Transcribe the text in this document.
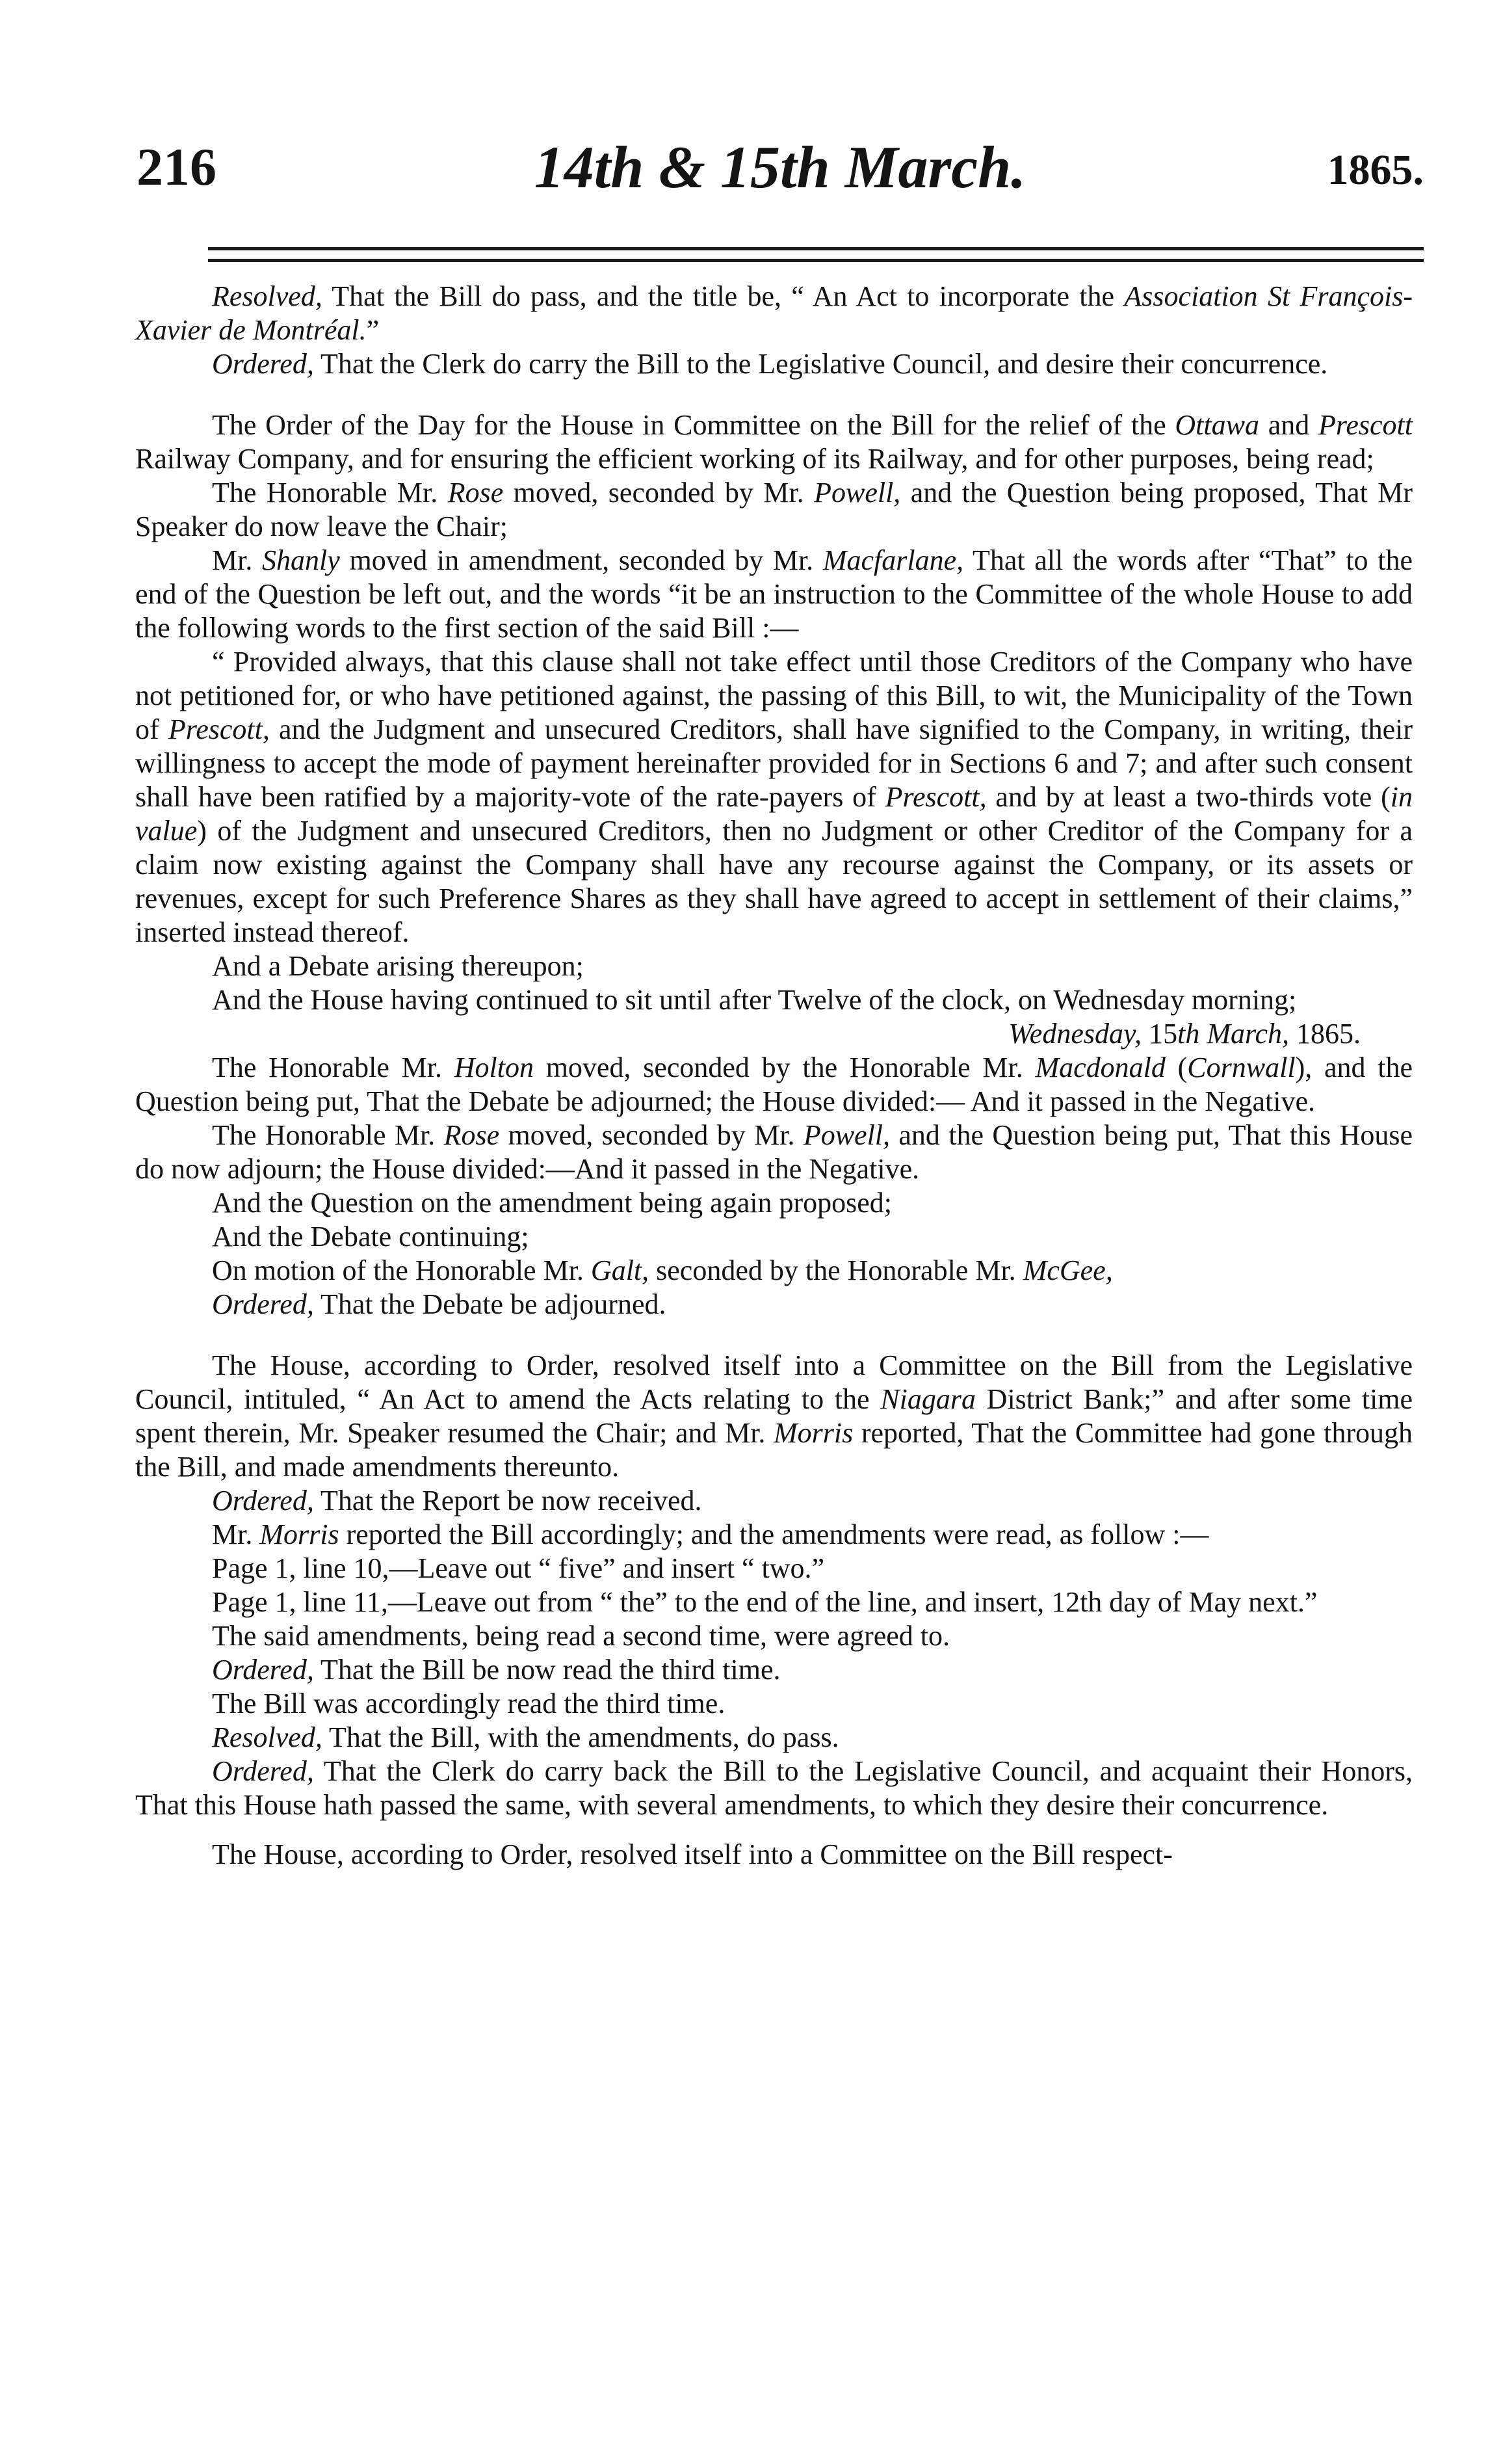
216	14th & 15th March.	1865.

Resolved, That the Bill do pass, and the title be, “ An Act to incorporate the Association St François-Xavier de Montréal.”

Ordered, That the Clerk do carry the Bill to the Legislative Council, and desire their concurrence.

The Order of the Day for the House in Committee on the Bill for the relief of the Ottawa and Prescott Railway Company, and for ensuring the efficient working of its Railway, and for other purposes, being read;

The Honorable Mr. Rose moved, seconded by Mr. Powell, and the Question being proposed, That Mr Speaker do now leave the Chair;

Mr. Shanly moved in amendment, seconded by Mr. Macfarlane, That all the words after “That” to the end of the Question be left out, and the words “it be an instruction to the Committee of the whole House to add the following words to the first section of the said Bill :—

“ Provided always, that this clause shall not take effect until those Creditors of the Company who have not petitioned for, or who have petitioned against, the passing of this Bill, to wit, the Municipality of the Town of Prescott, and the Judgment and unsecured Creditors, shall have signified to the Company, in writing, their willingness to accept the mode of payment hereinafter provided for in Sections 6 and 7; and after such consent shall have been ratified by a majority-vote of the rate-payers of Prescott, and by at least a two-thirds vote (in value) of the Judgment and unsecured Creditors, then no Judgment or other Creditor of the Company for a claim now existing against the Company shall have any recourse against the Company, or its assets or revenues, except for such Preference Shares as they shall have agreed to accept in settlement of their claims,” inserted instead thereof.

And a Debate arising thereupon;

And the House having continued to sit until after Twelve of the clock, on Wednesday morning;

Wednesday, 15th March, 1865.

The Honorable Mr. Holton moved, seconded by the Honorable Mr. Macdonald (Cornwall), and the Question being put, That the Debate be adjourned; the House divided:— And it passed in the Negative.

The Honorable Mr. Rose moved, seconded by Mr. Powell, and the Question being put, That this House do now adjourn; the House divided:—And it passed in the Negative.

And the Question on the amendment being again proposed;

And the Debate continuing;

On motion of the Honorable Mr. Galt, seconded by the Honorable Mr. McGee,

Ordered, That the Debate be adjourned.

The House, according to Order, resolved itself into a Committee on the Bill from the Legislative Council, intituled, “ An Act to amend the Acts relating to the Niagara District Bank;” and after some time spent therein, Mr. Speaker resumed the Chair; and Mr. Morris reported, That the Committee had gone through the Bill, and made amendments thereunto.

Ordered, That the Report be now received.

Mr. Morris reported the Bill accordingly; and the amendments were read, as follow :—

Page 1, line 10,—Leave out “ five” and insert “ two.”

Page 1, line 11,—Leave out from “ the” to the end of the line, and insert, 12th day of May next.”

The said amendments, being read a second time, were agreed to.

Ordered, That the Bill be now read the third time.

The Bill was accordingly read the third time.

Resolved, That the Bill, with the amendments, do pass.

Ordered, That the Clerk do carry back the Bill to the Legislative Council, and acquaint their Honors, That this House hath passed the same, with several amendments, to which they desire their concurrence.

The House, according to Order, resolved itself into a Committee on the Bill respect-
